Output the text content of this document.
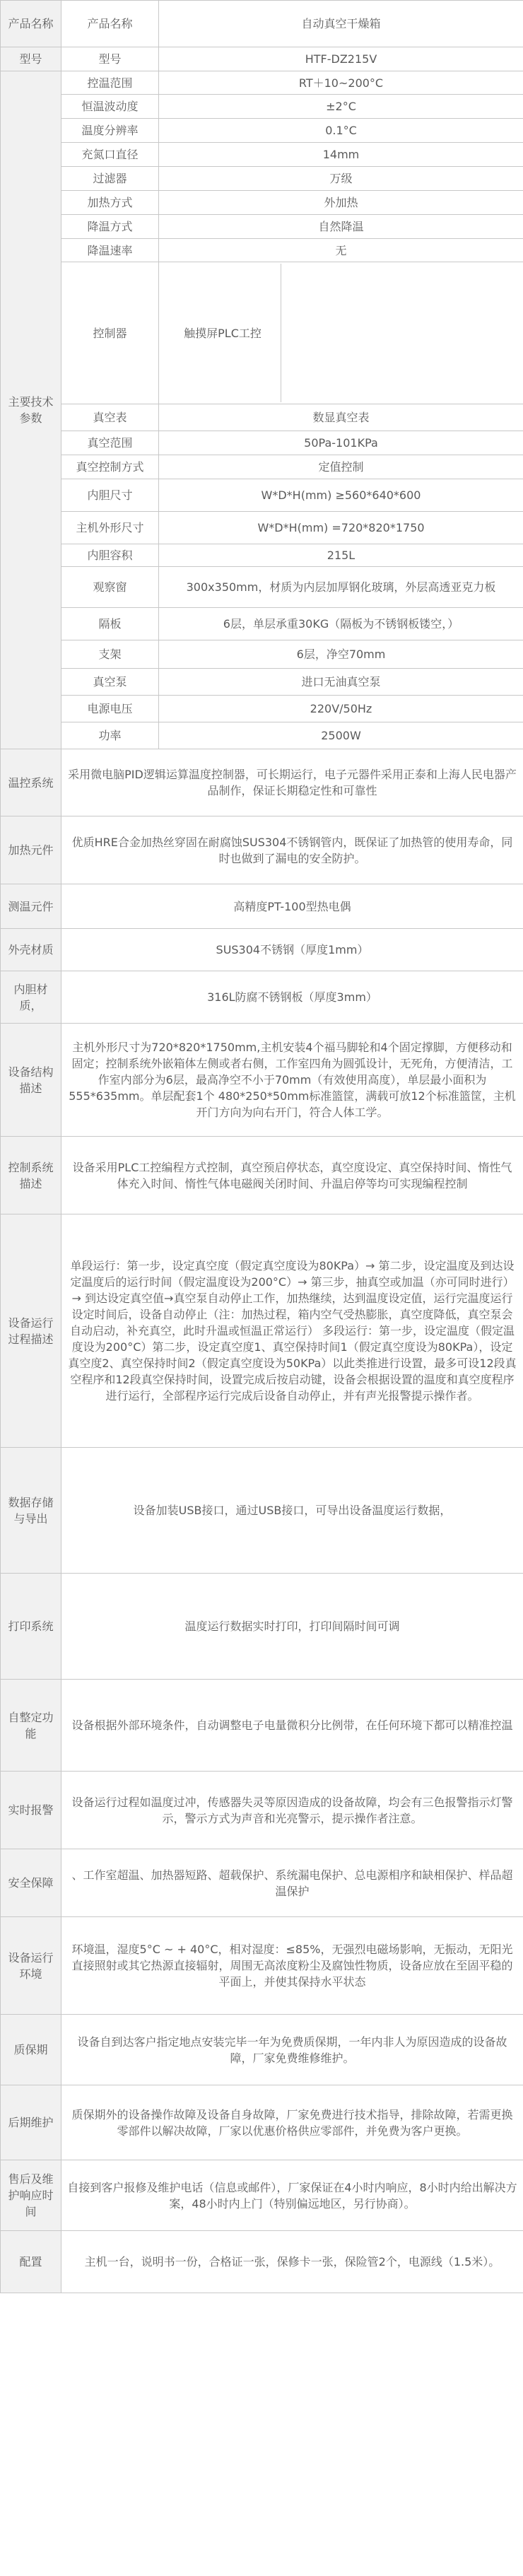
产品名称	产品名称	自动真空干燥箱
型号	型号	HTF-DZ215V
主要技术参数	控温范围	RT＋10~200°C
恒温波动度	±2°C
温度分辨率	0.1°C
充氮口直径	14mm
过滤器	万级
加热方式	外加热
降温方式	自然降温
降温速率	无
控制器		触摸屏PLC工控	

真空表	数显真空表
真空范围	50Pa-101KPa
真空控制方式	定值控制
内胆尺寸	W*D*H(mm) ≥560*640*600
主机外形尺寸	W*D*H(mm) =720*820*1750
内胆容积	215L
观察窗	300x350mm，材质为内层加厚钢化玻璃，外层高透亚克力板
隔板	6层，单层承重30KG（隔板为不锈钢板镂空，）
支架	6层，净空70mm
真空泵	进口无油真空泵
电源电压	220V/50Hz
功率	2500W
温控系统	采用微电脑PID逻辑运算温度控制器，可长期运行，电子元器件采用正泰和上海人民电器产品制作，保证长期稳定性和可靠性
加热元件	优质HRE合金加热丝穿固在耐腐蚀SUS304不锈钢管内，既保证了加热管的使用寿命，同时也做到了漏电的安全防护。
测温元件	高精度PT-100型热电偶
外壳材质	SUS304不锈钢（厚度1mm）
内胆材质，	316L防腐不锈钢板（厚度3mm）
设备结构描述	主机外形尺寸为720*820*1750mm,主机安装4个福马脚轮和4个固定撑脚，方便移动和固定；控制系统外嵌箱体左侧或者右侧，工作室四角为圆弧设计，无死角，方便清洁，工作室内部分为6层，最高净空不小于70mm（有效使用高度），单层最小面积为555*635mm。单层配套1个 480*250*50mm标准篮筐，满载可放12个标准篮筐，主机开门方向为向右开门，符合人体工学。
控制系统描述	设备采用PLC工控编程方式控制，真空预启停状态，真空度设定、真空保持时间、惰性气体充入时间、惰性气体电磁阀关闭时间、升温启停等均可实现编程控制
设备运行过程描述	单段运行：第一步，设定真空度（假定真空度设为80KPa）→ 第二步，设定温度及到达设定温度后的运行时间（假定温度设为200°C）→ 第三步，抽真空或加温（亦可同时进行）→ 到达设定真空值→真空泵自动停止工作，加热继续，达到温度设定值，运行完温度运行设定时间后，设备自动停止（注：加热过程，箱内空气受热膨胀，真空度降低，真空泵会自动启动，补充真空，此时升温或恒温正常运行） 多段运行：第一步，设定温度（假定温度设为200°C）第二步，设定真空度1、真空保持时间1（假定真空度设为80KPa），设定真空度2、真空保持时间2（假定真空度设为50KPa）以此类推进行设置，最多可设12段真空程序和12段真空保持时间，设置完成后按启动键，设备会根据设置的温度和真空度程序进行运行，全部程序运行完成后设备自动停止，并有声光报警提示操作者。
数据存储与导出	设备加装USB接口，通过USB接口，可导出设备温度运行数据，
打印系统	温度运行数据实时打印，打印间隔时间可调
自整定功能	设备根据外部环境条件，自动调整电子电量微积分比例带，在任何环境下都可以精准控温
实时报警	设备运行过程如温度过冲，传感器失灵等原因造成的设备故障，均会有三色报警指示灯警示，警示方式为声音和光亮警示，提示操作者注意。
安全保障	、工作室超温、加热器短路、超载保护、系统漏电保护、总电源相序和缺相保护、样品超温保护
设备运行环境	环境温，湿度5°C ~ + 40°C，相对湿度：≤85%，无强烈电磁场影响，无振动，无阳光直接照射或其它热源直接辐射，周围无高浓度粉尘及腐蚀性物质，设备应放在至固平稳的平面上，并使其保持水平状态
质保期	设备自到达客户指定地点安装完毕一年为免费质保期，一年内非人为原因造成的设备故障，厂家免费维修维护。
后期维护	质保期外的设备操作故障及设备自身故障，厂家免费进行技术指导，排除故障，若需更换零部件以解决故障，厂家以优惠价格供应零部件，并免费为客户更换。
售后及维护响应时间	自接到客户报修及维护电话（信息或邮件），厂家保证在4小时内响应，8小时内给出解决方案，48小时内上门（特别偏远地区，另行协商）。
配置	主机一台，说明书一份，合格证一张，保修卡一张，保险管2个，电源线（1.5米）。
